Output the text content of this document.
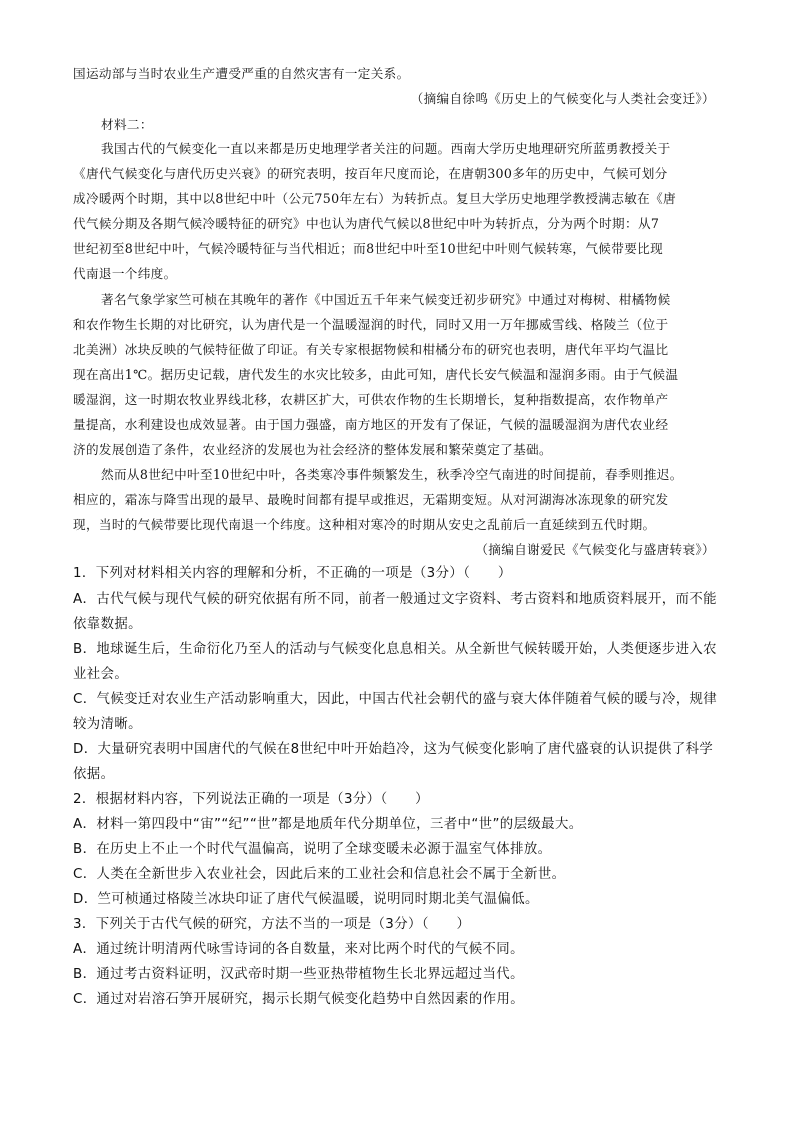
国运动部与当时农业生产遭受严重的自然灾害有一定关系。
（摘编自徐鸣《历史上的气候变化与人类社会变迁》）
材料二：
我国古代的气候变化一直以来都是历史地理学者关注的问题。西南大学历史地理研究所蓝勇教授关于
《唐代气候变化与唐代历史兴衰》的研究表明，按百年尺度而论，在唐朝300多年的历史中，气候可划分
成冷暖两个时期，其中以8世纪中叶（公元750年左右）为转折点。复旦大学历史地理学教授满志敏在《唐
代气候分期及各期气候冷暖特征的研究》中也认为唐代气候以8世纪中叶为转折点，分为两个时期：从7
世纪初至8世纪中叶，气候冷暖特征与当代相近；而8世纪中叶至10世纪中叶则气候转寒，气候带要比现
代南退一个纬度。
著名气象学家竺可桢在其晚年的著作《中国近五千年来气候变迁初步研究》中通过对梅树、柑橘物候
和农作物生长期的对比研究，认为唐代是一个温暖湿润的时代，同时又用一万年挪威雪线、格陵兰（位于
北美洲）冰块反映的气候特征做了印证。有关专家根据物候和柑橘分布的研究也表明，唐代年平均气温比
现在高出1℃。据历史记载，唐代发生的水灾比较多，由此可知，唐代长安气候温和湿润多雨。由于气候温
暖湿润，这一时期农牧业界线北移，农耕区扩大，可供农作物的生长期增长，复种指数提高，农作物单产
量提高，水利建设也成效显著。由于国力强盛，南方地区的开发有了保证，气候的温暖湿润为唐代农业经
济的发展创造了条件，农业经济的发展也为社会经济的整体发展和繁荣奠定了基础。
然而从8世纪中叶至10世纪中叶，各类寒冷事件频繁发生，秋季冷空气南进的时间提前，春季则推迟。
相应的，霜冻与降雪出现的最早、最晚时间都有提早或推迟，无霜期变短。从对河湖海冰冻现象的研究发
现，当时的气候带要比现代南退一个纬度。这种相对寒冷的时期从安史之乱前后一直延续到五代时期。
（摘编自谢爱民《气候变化与盛唐转衰》）
1．下列对材料相关内容的理解和分析，不正确的一项是（3分）（　　）
A．古代气候与现代气候的研究依据有所不同，前者一般通过文字资料、考古资料和地质资料展开，而不能
依靠数据。
B．地球诞生后，生命衍化乃至人的活动与气候变化息息相关。从全新世气候转暖开始，人类便逐步进入农
业社会。
C．气候变迁对农业生产活动影响重大，因此，中国古代社会朝代的盛与衰大体伴随着气候的暖与冷，规律
较为清晰。
D．大量研究表明中国唐代的气候在8世纪中叶开始趋冷，这为气候变化影响了唐代盛衰的认识提供了科学
依据。
2．根据材料内容，下列说法正确的一项是（3分）（　　）
A．材料一第四段中“宙”“纪”“世”都是地质年代分期单位，三者中“世”的层级最大。
B．在历史上不止一个时代气温偏高，说明了全球变暖未必源于温室气体排放。
C．人类在全新世步入农业社会，因此后来的工业社会和信息社会不属于全新世。
D．竺可桢通过格陵兰冰块印证了唐代气候温暖，说明同时期北美气温偏低。
3．下列关于古代气候的研究，方法不当的一项是（3分）（　　）
A．通过统计明清两代咏雪诗词的各自数量，来对比两个时代的气候不同。
B．通过考古资料证明，汉武帝时期一些亚热带植物生长北界远超过当代。
C．通过对岩溶石笋开展研究，揭示长期气候变化趋势中自然因素的作用。
